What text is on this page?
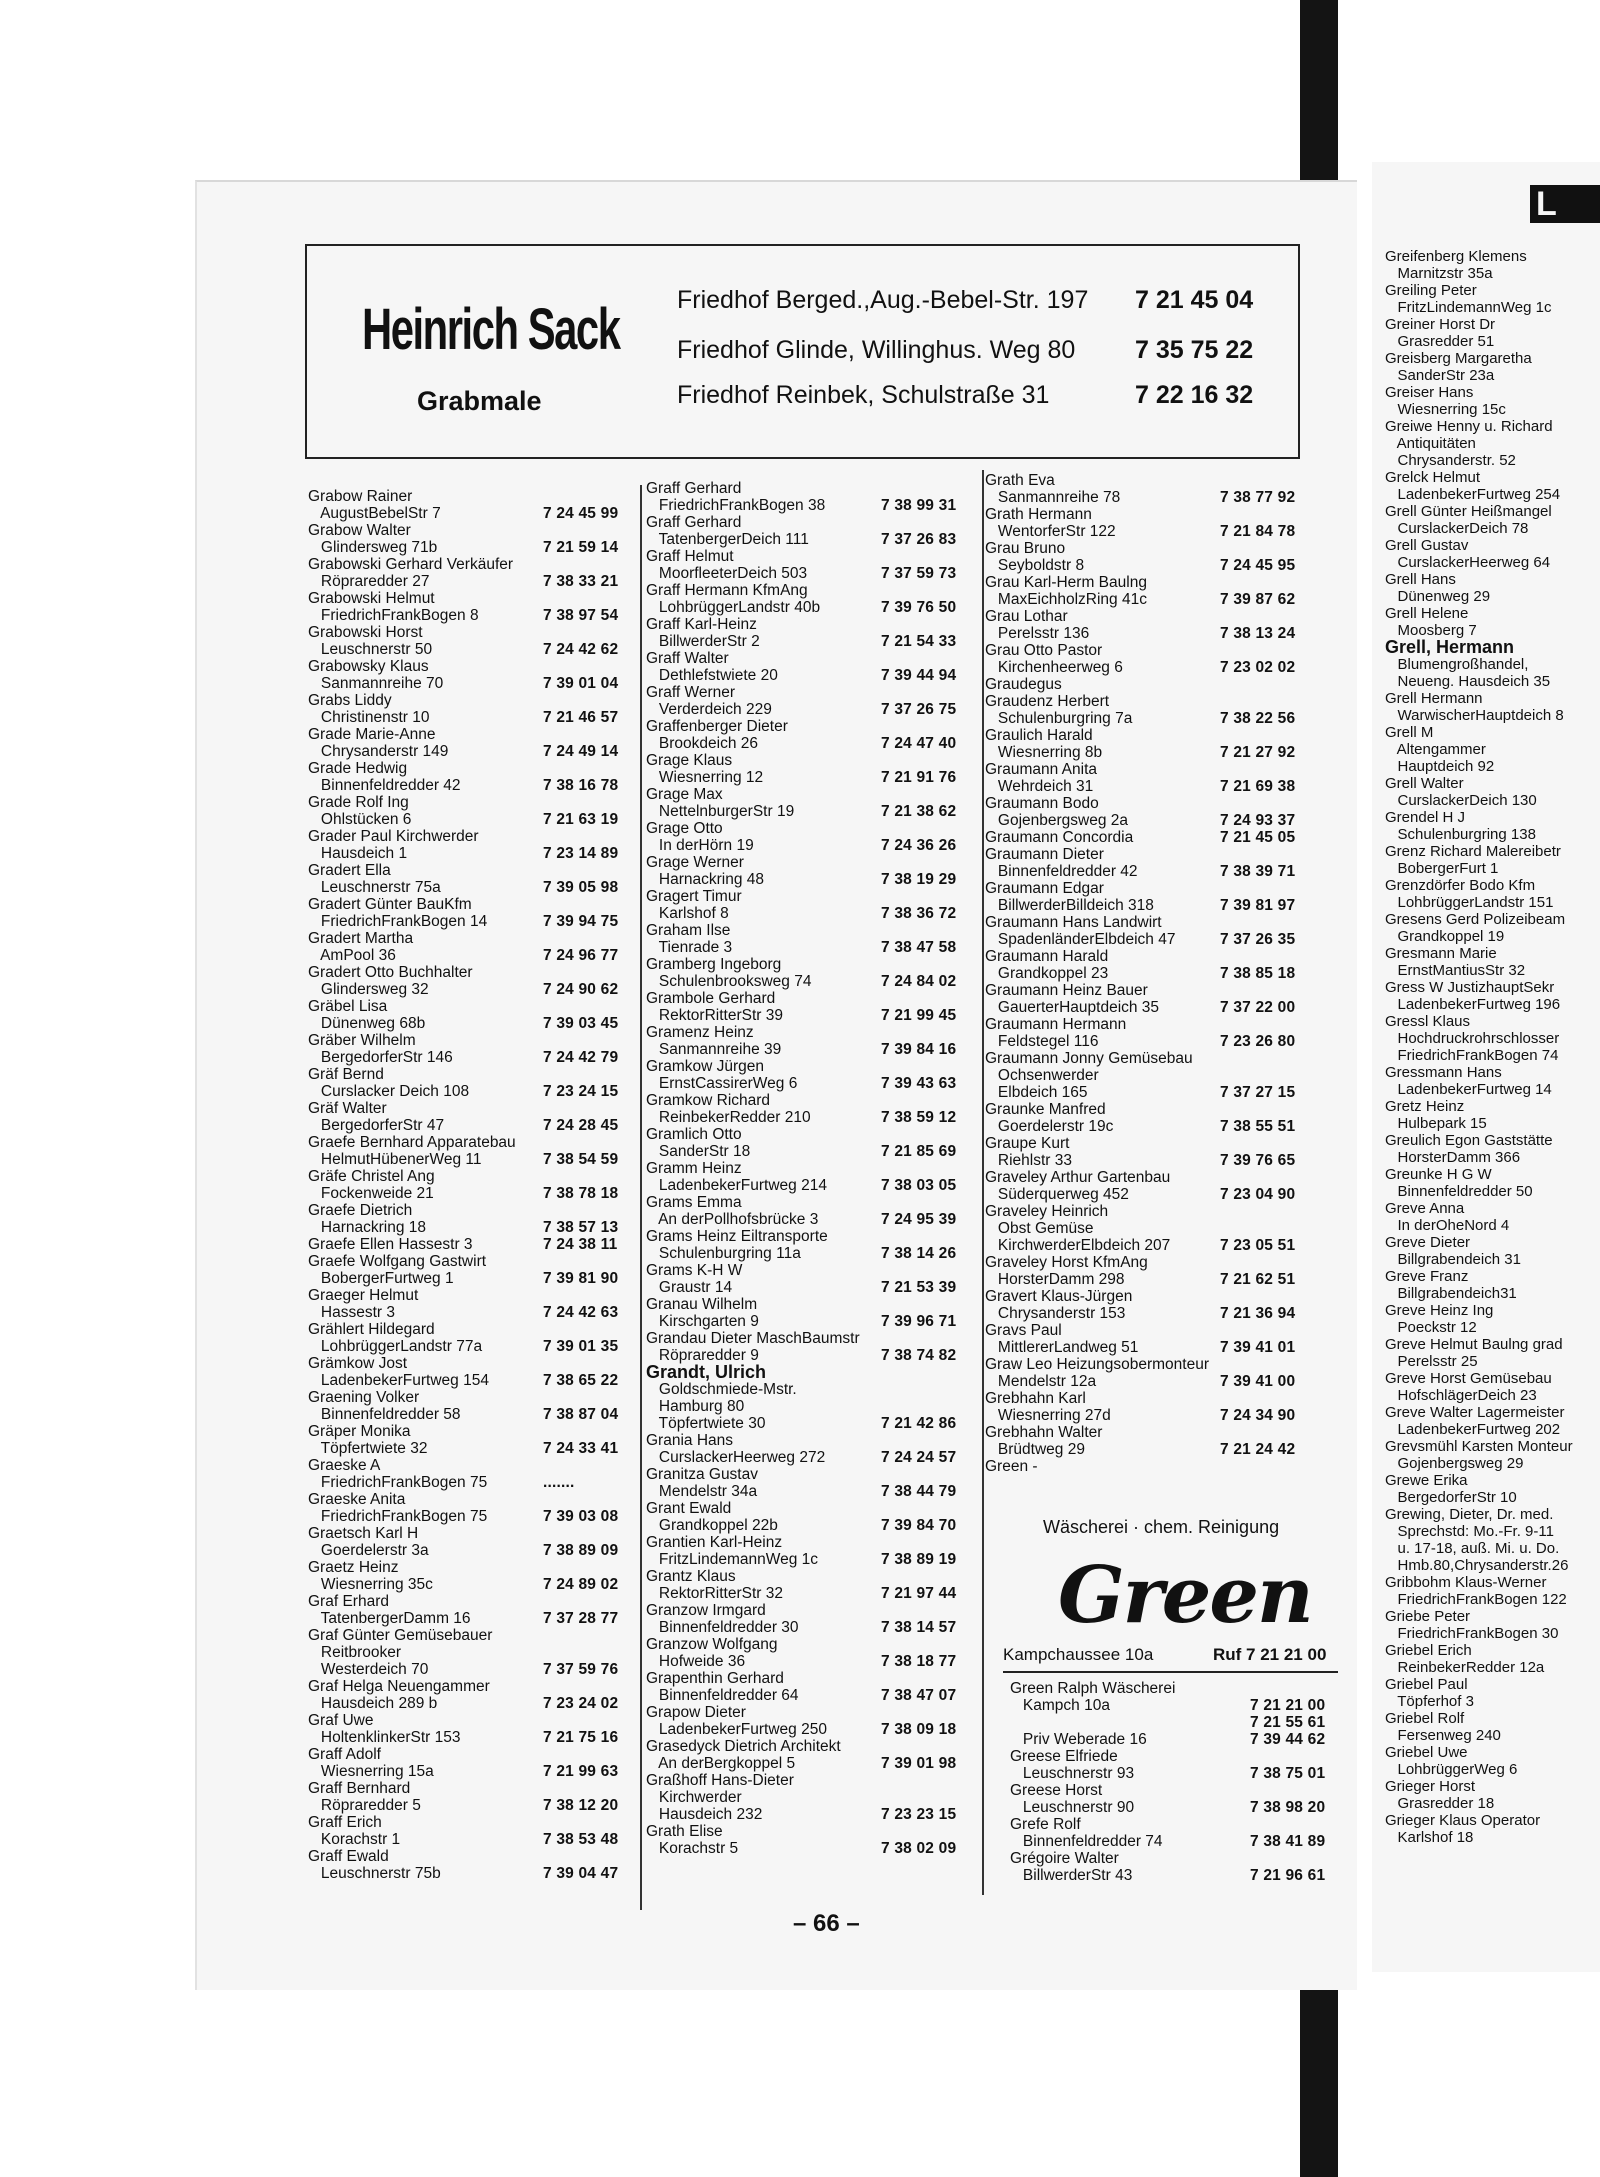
L
Heinrich Sack
Grabmale
Friedhof Berged.,Aug.-Bebel-Str. 197 7 21 45 04
Friedhof Glinde, Willinghus. Weg 80 7 35 75 22
Friedhof Reinbek, Schulstraße 31	7 22 16 32
Grabow Rainer
AugustBebelStr 7	7 24 45 99
Grabow Walter
Glindersweg 71b	7 21 59 14
Grabowski Gerhard Verkäufer
Röpraredder 27	7 38 33 21
Grabowski Helmut
FriedrichFrankBogen 8	7 38 97 54
Grabowski Horst
Leuschnerstr 50	7 24 42 62
Grabowsky Klaus
Sanmannreihe 70	7 39 01 04
Grabs Liddy
Christinenstr 10	7 21 46 57
Grade Marie-Anne
Chrysanderstr 149	7 24 49 14
Grade Hedwig
Binnenfeldredder 42	7 38 16 78
Grade Rolf Ing
Ohlstücken 6	7 21 63 19
Grader Paul Kirchwerder
Hausdeich 1	7 23 14 89
Gradert Ella
Leuschnerstr 75a	7 39 05 98
Gradert Günter BauKfm
FriedrichFrankBogen 14	7 39 94 75
Gradert Martha
AmPool 36	7 24 96 77
Gradert Otto Buchhalter
Glindersweg 32	7 24 90 62
Gräbel Lisa
Dünenweg 68b	7 39 03 45
Gräber Wilhelm
BergedorferStr 146	7 24 42 79
Gräf Bernd
Curslacker Deich 108	7 23 24 15
Gräf Walter
BergedorferStr 47	7 24 28 45
Graefe Bernhard Apparatebau
HelmutHübenerWeg 11	7 38 54 59
Gräfe Christel Ang
Fockenweide 21	7 38 78 18
Graefe Dietrich
Harnackring 18	7 38 57 13
Graefe Ellen Hassestr 3	7 24 38 11
Graefe Wolfgang Gastwirt
BobergerFurtweg 1	7 39 81 90
Graeger Helmut
Hassestr 3	7 24 42 63
Grählert Hildegard
LohbrüggerLandstr 77a	7 39 01 35
Grämkow Jost
LadenbekerFurtweg 154	7 38 65 22
Graening Volker
Binnenfeldredder 58	7 38 87 04
Gräper Monika
Töpfertwiete 32	7 24 33 41
Graeske A
FriedrichFrankBogen 75	.......
Graeske Anita
FriedrichFrankBogen 75	7 39 03 08
Graetsch Karl H
Goerdelerstr 3a	7 38 89 09
Graetz Heinz
Wiesnerring 35c	7 24 89 02
Graf Erhard
TatenbergerDamm 16	7 37 28 77
Graf Günter Gemüsebauer
Reitbrooker
Westerdeich 70	7 37 59 76
Graf Helga Neuengammer
Hausdeich 289 b	7 23 24 02
Graf Uwe
HoltenklinkerStr 153	7 21 75 16
Graff Adolf
Wiesnerring 15a	7 21 99 63
Graff Bernhard
Röpraredder 5	7 38 12 20
Graff Erich
Korachstr 1	7 38 53 48
Graff Ewald
Leuschnerstr 75b	7 39 04 47
Graff Gerhard
FriedrichFrankBogen 38	7 38 99 31
Graff Gerhard
TatenbergerDeich 111	7 37 26 83
Graff Helmut
MoorfleeterDeich 503	7 37 59 73
Graff Hermann KfmAng
LohbrüggerLandstr 40b	7 39 76 50
Graff Karl-Heinz
BillwerderStr 2	7 21 54 33
Graff Walter
Dethlefstwiete 20	7 39 44 94
Graff Werner
Verderdeich 229	7 37 26 75
Graffenberger Dieter
Brookdeich 26	7 24 47 40
Grage Klaus
Wiesnerring 12	7 21 91 76
Grage Max
NettelnburgerStr 19	7 21 38 62
Grage Otto
In derHörn 19	7 24 36 26
Grage Werner
Harnackring 48	7 38 19 29
Gragert Timur
Karlshof 8	7 38 36 72
Graham Ilse
Tienrade 3	7 38 47 58
Gramberg Ingeborg
Schulenbrooksweg 74	7 24 84 02
Grambole Gerhard
RektorRitterStr 39	7 21 99 45
Gramenz Heinz
Sanmannreihe 39	7 39 84 16
Gramkow Jürgen
ErnstCassirerWeg 6	7 39 43 63
Gramkow Richard
ReinbekerRedder 210	7 38 59 12
Gramlich Otto
SanderStr 18	7 21 85 69
Gramm Heinz
LadenbekerFurtweg 214	7 38 03 05
Grams Emma
An derPollhofsbrücke 3	7 24 95 39
Grams Heinz Eiltransporte
Schulenburgring 11a	7 38 14 26
Grams K-H W
Graustr 14	7 21 53 39
Granau Wilhelm
Kirschgarten 9	7 39 96 71
Grandau Dieter MaschBaumstr
Röpraredder 9	7 38 74 82
Grandt, Ulrich
Goldschmiede-Mstr.
Hamburg 80
Töpfertwiete 30	7 21 42 86
Grania Hans
CurslackerHeerweg 272	7 24 24 57
Granitza Gustav
Mendelstr 34a	7 38 44 79
Grant Ewald
Grandkoppel 22b	7 39 84 70
Grantien Karl-Heinz
FritzLindemannWeg 1c	7 38 89 19
Grantz Klaus
RektorRitterStr 32	7 21 97 44
Granzow Irmgard
Binnenfeldredder 30	7 38 14 57
Granzow Wolfgang
Hofweide 36	7 38 18 77
Grapenthin Gerhard
Binnenfeldredder 64	7 38 47 07
Grapow Dieter
LadenbekerFurtweg 250	7 38 09 18
Grasedyck Dietrich Architekt
An derBergkoppel 5	7 39 01 98
Graßhoff Hans-Dieter
Kirchwerder
Hausdeich 232	7 23 23 15
Grath Elise
Korachstr 5	7 38 02 09
Grath Eva
Sanmannreihe 78	7 38 77 92
Grath Hermann
WentorferStr 122	7 21 84 78
Grau Bruno
Seyboldstr 8	7 24 45 95
Grau Karl-Herm Baulng
MaxEichholzRing 41c	7 39 87 62
Grau Lothar
Perelsstr 136	7 38 13 24
Grau Otto Pastor
Kirchenheerweg 6	7 23 02 02
Graudegus
Graudenz Herbert
Schulenburgring 7a	7 38 22 56
Graulich Harald
Wiesnerring 8b	7 21 27 92
Graumann Anita
Wehrdeich 31	7 21 69 38
Graumann Bodo
Gojenbergsweg 2a	7 24 93 37
Graumann Concordia	7 21 45 05
Graumann Dieter
Binnenfeldredder 42	7 38 39 71
Graumann Edgar
BillwerderBilldeich 318	7 39 81 97
Graumann Hans Landwirt
SpadenländerElbdeich 47	7 37 26 35
Graumann Harald
Grandkoppel 23	7 38 85 18
Graumann Heinz Bauer
GauerterHauptdeich 35	7 37 22 00
Graumann Hermann
Feldstegel 116	7 23 26 80
Graumann Jonny Gemüsebau
Ochsenwerder
Elbdeich 165	7 37 27 15
Graunke Manfred
Goerdelerstr 19c	7 38 55 51
Graupe Kurt
Riehlstr 33	7 39 76 65
Graveley Arthur Gartenbau
Süderquerweg 452	7 23 04 90
Graveley Heinrich
Obst Gemüse
KirchwerderElbdeich 207	7 23 05 51
Graveley Horst KfmAng
HorsterDamm 298	7 21 62 51
Gravert Klaus-Jürgen
Chrysanderstr 153	7 21 36 94
Gravs Paul
MittlererLandweg 51	7 39 41 01
Graw Leo Heizungsobermonteur
Mendelstr 12a	7 39 41 00
Grebhahn Karl
Wiesnerring 27d	7 24 34 90
Grebhahn Walter
Brüdtweg 29	7 21 24 42
Green -
Wäscherei · chem. Reinigung
Green
Kampchaussee 10a	Ruf 7 21 21 00
Green Ralph Wäscherei
Kampch 10a	7 21 21 00
7 21 55 61
Priv Weberade 16	7 39 44 62
Greese Elfriede
Leuschnerstr 93	7 38 75 01
Greese Horst
Leuschnerstr 90	7 38 98 20
Grefe Rolf
Binnenfeldredder 74	7 38 41 89
Grégoire Walter
BillwerderStr 43	7 21 96 61
Greifenberg Klemens
Marnitzstr 35a
Greiling Peter
FritzLindemannWeg 1c
Greiner Horst Dr
Grasredder 51
Greisberg Margaretha
SanderStr 23a
Greiser Hans
Wiesnerring 15c
Greiwe Henny u. Richard
Antiquitäten
Chrysanderstr. 52
Grelck Helmut
LadenbekerFurtweg 254
Grell Günter Heißmangel
CurslackerDeich 78
Grell Gustav
CurslackerHeerweg 64
Grell Hans
Dünenweg 29
Grell Helene
Moosberg 7
Grell, Hermann
Blumengroßhandel,
Neueng. Hausdeich 35
Grell Hermann
WarwischerHauptdeich 8
Grell M
Altengammer
Hauptdeich 92
Grell Walter
CurslackerDeich 130
Grendel H J
Schulenburgring 138
Grenz Richard Malereibetr
BobergerFurt 1
Grenzdörfer Bodo Kfm
LohbrüggerLandstr 151
Gresens Gerd Polizeibeam
Grandkoppel 19
Gresmann Marie
ErnstMantiusStr 32
Gress W JustizhauptSekr
LadenbekerFurtweg 196
Gressl Klaus
Hochdruckrohrschlosser
FriedrichFrankBogen 74
Gressmann Hans
LadenbekerFurtweg 14
Gretz Heinz
Hulbepark 15
Greulich Egon Gaststätte
HorsterDamm 366
Greunke H G W
Binnenfeldredder 50
Greve Anna
In derOheNord 4
Greve Dieter
Billgrabendeich 31
Greve Franz
Billgrabendeich31
Greve Heinz Ing
Poeckstr 12
Greve Helmut Baulng grad
Perelsstr 25
Greve Horst Gemüsebau
HofschlägerDeich 23
Greve Walter Lagermeister
LadenbekerFurtweg 202
Grevsmühl Karsten Monteur
Gojenbergsweg 29
Grewe Erika
BergedorferStr 10
Grewing, Dieter, Dr. med.
Sprechstd: Mo.-Fr. 9-11
u. 17-18, auß. Mi. u. Do.
Hmb.80,Chrysanderstr.26
Gribbohm Klaus-Werner
FriedrichFrankBogen 122
Griebe Peter
FriedrichFrankBogen 30
Griebel Erich
ReinbekerRedder 12a
Griebel Paul
Töpferhof 3
Griebel Rolf
Fersenweg 240
Griebel Uwe
LohbrüggerWeg 6
Grieger Horst
Grasredder 18
Grieger Klaus Operator
Karlshof 18
– 66 –
